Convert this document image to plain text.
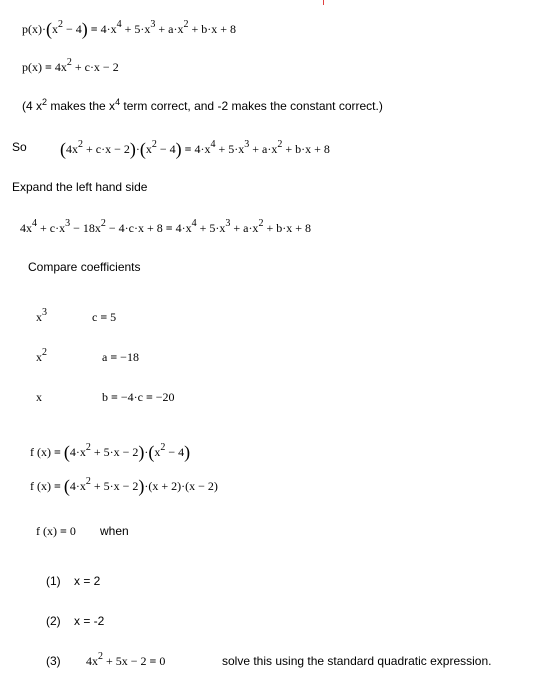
$p(x)\cdot(x^2 - 4) = 4\cdot x^4 + 5\cdot x^3 + a\cdot x^2 + b\cdot x + 8$
$p(x) = 4x^2 + c\cdot x - 2$
(4 $x^2$ makes the $x^4$ term correct, and -2 makes the constant correct.)
So $(4x^2 + c\cdot x - 2)\cdot(x^2 - 4) = 4\cdot x^4 + 5\cdot x^3 + a\cdot x^2 + b\cdot x + 8$
Expand the left hand side
$4x^4 + c\cdot x^3 - 18x^2 - 4\cdot c\cdot x + 8 = 4\cdot x^4 + 5\cdot x^3 + a\cdot x^2 + b\cdot x + 8$
Compare coefficients
$x^3$	c = 5
$x^2$	a = −18
x	b = −4·c = −20
f $(x) = (4\cdot x^2 + 5\cdot x - 2)\cdot(x^2 - 4)$
f $(x) = (4\cdot x^2 + 5\cdot x - 2)\cdot(x + 2)\cdot(x - 2)$
f (x) = 0 when
(1) x = 2
(2) x = -2
(3) $4x^2 + 5x - 2 = 0$	solve this using the standard quadratic expression.
